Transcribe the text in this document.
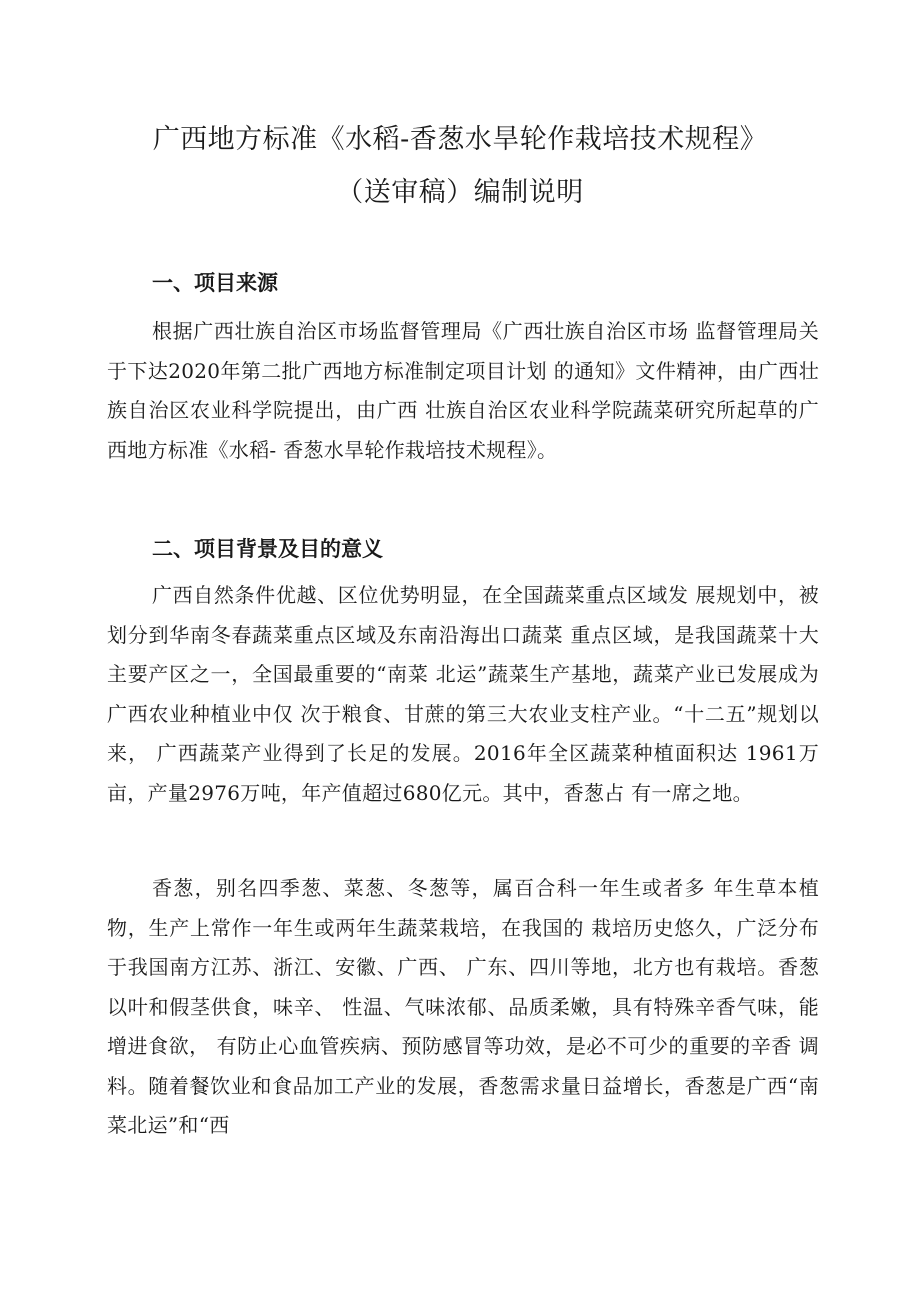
广西地方标准《水稻-香葱水旱轮作栽培技术规程》
（送审稿）编制说明
一、项目来源

根据广西壮族自治区市场监督管理局《广西壮族自治区市场 监督管理局关于下达2020年第二批广西地方标准制定项目计划 的通知》文件精神，由广西壮族自治区农业科学院提出，由广西 壮族自治区农业科学院蔬菜研究所起草的广西地方标准《水稻- 香葱水旱轮作栽培技术规程》。

二、项目背景及目的意义

广西自然条件优越、区位优势明显，在全国蔬菜重点区域发 展规划中，被划分到华南冬春蔬菜重点区域及东南沿海出口蔬菜 重点区域，是我国蔬菜十大主要产区之一，全国最重要的“南菜 北运”蔬菜生产基地，蔬菜产业已发展成为广西农业种植业中仅 次于粮食、甘蔗的第三大农业支柱产业。“十二五”规划以来， 广西蔬菜产业得到了长足的发展。2016年全区蔬菜种植面积达 1961万亩，产量2976万吨，年产值超过680亿元。其中，香葱占 有一席之地。

香葱，别名四季葱、菜葱、冬葱等，属百合科一年生或者多 年生草本植物，生产上常作一年生或两年生蔬菜栽培，在我国的 栽培历史悠久，广泛分布于我国南方江苏、浙江、安徽、广西、 广东、四川等地，北方也有栽培。香葱以叶和假茎供食，味辛、 性温、气味浓郁、品质柔嫩，具有特殊辛香气味，能增进食欲， 有防止心血管疾病、预防感冒等功效，是必不可少的重要的辛香 调料。随着餐饮业和食品加工产业的发展，香葱需求量日益增长，香葱是广西“南菜北运”和“西
